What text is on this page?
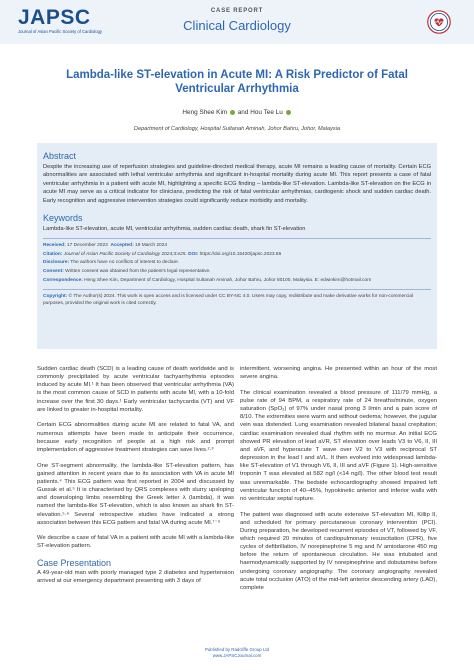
JAPSC
Journal of Asian Pacific Society of Cardiology
CASE REPORT
Clinical Cardiology
Lambda-like ST-elevation in Acute MI: A Risk Predictor of Fatal Ventricular Arrhythmia
Heng Shee Kim and Hou Tee Lu
Department of Cardiology, Hospital Sultanah Aminah, Johor Bahru, Johor, Malaysia
Abstract

Despite the increasing use of reperfusion strategies and guideline-directed medical therapy, acute MI remains a leading cause of mortality. Certain ECG abnormalities are associated with lethal ventricular arrhythmia and significant in-hospital mortality during acute MI. This report presents a case of fatal ventricular arrhythmia in a patient with acute MI, highlighting a specific ECG finding – lambda-like ST-elevation. Lambda-like ST-elevation on the ECG in acute MI may serve as a critical indicator for clinicians, predicting the risk of fatal ventricular arrhythmias, cardiogenic shock and sudden cardiac death. Early recognition and aggressive intervention strategies could significantly reduce morbidity and mortality.

Keywords

Lambda-like ST-elevation, acute MI, ventricular arrhythmia, sudden cardiac death, shark fin ST-elevation

Received: 17 December 2023 Accepted: 19 March 2024
Citation: Journal of Asian Pacific Society of Cardiology 2024;3:e25. DOI: https://doi.org/10.15420/japsc.2023.66
Disclosure: The authors have no conflicts of interest to declare.
Consent: Written consent was obtained from the patient's legal representative.
Correspondence: Heng Shee Kim, Department of Cardiology, Hospital Sultanah Aminah, Johor Bahru, Johor 80100, Malaysia. E: edwinkim@hotmail.com
Copyright: © The Author(s) 2024. This work is open access and is licensed under CC BY-NC 4.0. Users may copy, redistribute and make derivative works for non-commercial purposes, provided the original work is cited correctly.

Sudden cardiac death (SCD) is a leading cause of death worldwide and is commonly precipitated by acute ventricular tachyarrhythmia episodes induced by acute MI.¹ It has been observed that ventricular arrhythmia (VA) is the most common cause of SCD in patients with acute MI, with a 10-fold increase over the first 30 days.¹ Early ventricular tachycardia (VT) and VF are linked to greater in-hospital mortality.

Certain ECG abnormalities during acute MI are related to fatal VA, and numerous attempts have been made to anticipate their occurrence, because early recognition of people at a high risk and prompt implementation of aggressive treatment strategies can save lives.²·³

One ST-segment abnormality, the lambda-like ST-elevation pattern, has gained attention in recent years due to its association with VA in acute MI patients.⁴ This ECG pattern was first reported in 2004 and discussed by Gussak et al.⁵ It is characterised by QRS complexes with slurry upsloping and downsloping limbs resembling the Greek letter λ (lambda), it was named the lambda-like ST-elevation, which is also known as shark fin ST-elevation.⁵·⁶ Several retrospective studies have indicated a strong association between this ECG pattern and fatal VA during acute MI.⁷⁻⁹

We describe a case of fatal VA in a patient with acute MI with a lambda-like ST-elevation pattern.

Case Presentation

A 49-year-old man with poorly managed type 2 diabetes and hypertension arrived at our emergency department presenting with 3 days of

intermittent, worsening angina. He presented within an hour of the most severe angina.

The clinical examination revealed a blood pressure of 111/79 mmHg, a pulse rate of 94 BPM, a respiratory rate of 24 breaths/minute, oxygen saturation (SpO₂) of 97% under nasal prong 3 l/min and a pain score of 8/10. The extremities were warm and without oedema; however, the jugular vein was distended. Lung examination revealed bilateral basal crepitation; cardiac examination revealed dual rhythm with no murmur. An initial ECG showed PR elevation of lead aVR, ST elevation over leads V3 to V6, II, III and aVF, and hyperacute T wave over V2 to V3 with reciprocal ST depression in the lead I and aVL. It then evolved into widespread lambda-like ST-elevation of V1 through V6, II, III and aVF (Figure 1). High-sensitive troponin T was elevated at 582 ng/l (<14 ng/l). The other blood test result was unremarkable. The bedside echocardiography showed impaired left ventricular function of 40–45%, hypokinetic anterior and inferior walls with no ventricular septal rupture.

The patient was diagnosed with acute extensive ST-elevation MI, Killip II, and scheduled for primary percutaneous coronary intervention (PCI). During preparation, he developed recurrent episodes of VT, followed by VF, which required 20 minutes of cardiopulmonary resuscitation (CPR), five cycles of defibrillation, IV norepinephrine 5 mg and IV amiodarone 450 mg before the return of spontaneous circulation. He was intubated and haemodynamically supported by IV norepinephrine and dobutamine before undergoing coronary angiography. The coronary angiography revealed acute total occlusion (ATO) of the mid-left anterior descending artery (LAD), complete

Published by Radcliffe Group Ltd
www.JAPSCJournal.com
